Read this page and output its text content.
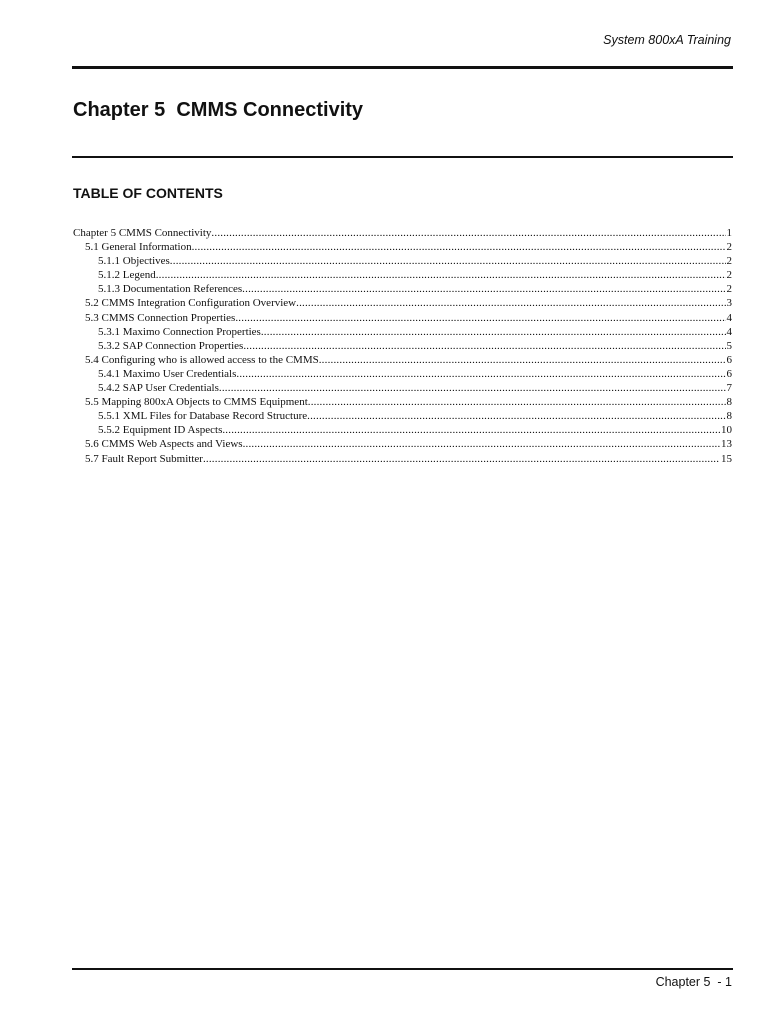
System 800xA Training
Chapter 5  CMMS Connectivity
TABLE OF CONTENTS
Chapter 5 CMMS Connectivity .....	1
5.1 General Information .....	2
5.1.1 Objectives .....	2
5.1.2 Legend .....	2
5.1.3 Documentation References .....	2
5.2 CMMS Integration Configuration Overview .....	3
5.3 CMMS Connection Properties .....	4
5.3.1 Maximo Connection Properties .....	4
5.3.2 SAP Connection Properties .....	5
5.4 Configuring who is allowed access to the CMMS .....	6
5.4.1 Maximo User Credentials .....	6
5.4.2 SAP User Credentials .....	7
5.5 Mapping 800xA Objects to CMMS Equipment .....	8
5.5.1 XML Files for Database Record Structure .....	8
5.5.2 Equipment ID Aspects .....	10
5.6 CMMS Web Aspects and Views .....	13
5.7 Fault Report Submitter .....	15
Chapter 5  - 1
